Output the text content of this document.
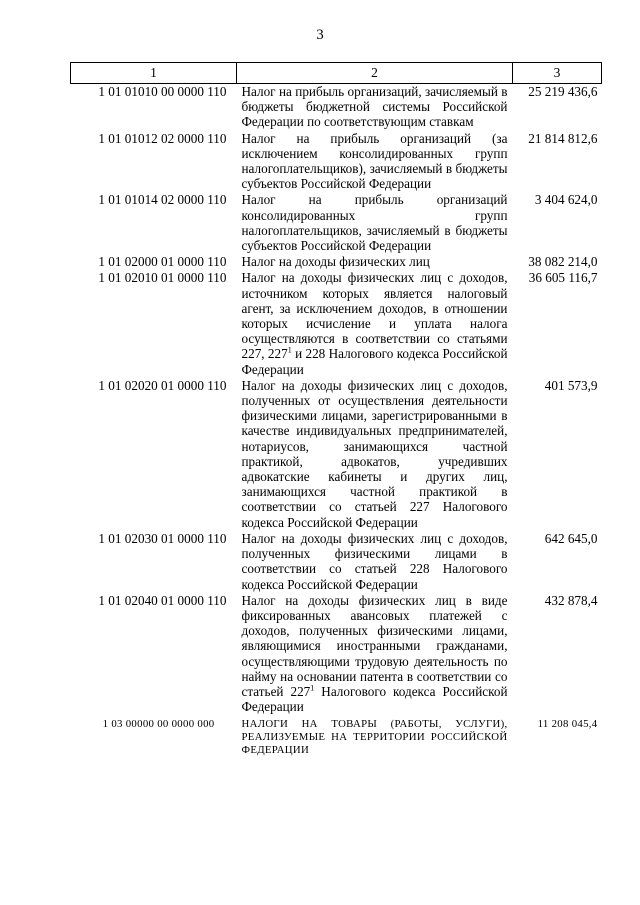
3
1	2	3
1 01 01010 00 0000 110	Налог на прибыль организаций, зачисляемый в бюджеты бюджетной системы Российской Федерации по соответствующим ставкам	25 219 436,6
1 01 01012 02 0000 110	Налог на прибыль организаций (за исключением консолидированных групп налогоплательщиков), зачисляемый в бюджеты субъектов Российской Федерации	21 814 812,6
1 01 01014 02 0000 110	Налог на прибыль организаций консолидированных групп налогоплательщиков, зачисляемый в бюджеты субъектов Российской Федерации	3 404 624,0
1 01 02000 01 0000 110	Налог на доходы физических лиц	38 082 214,0
1 01 02010 01 0000 110	Налог на доходы физических лиц с доходов, источником которых является налоговый агент, за исключением доходов, в отношении которых исчисление и уплата налога осуществляются в соответствии со статьями 227, $227^1$ и 228 Налогового кодекса Российской Федерации	36 605 116,7
1 01 02020 01 0000 110	Налог на доходы физических лиц с доходов, полученных от осуществления деятельности физическими лицами, зарегистрированными в качестве индивидуальных предпринимателей, нотариусов, занимающихся частной практикой, адвокатов, учредивших адвокатские кабинеты и других лиц, занимающихся частной практикой в соответствии со статьей 227 Налогового кодекса Российской Федерации	401 573,9
1 01 02030 01 0000 110	Налог на доходы физических лиц с доходов, полученных физическими лицами в соответствии со статьей 228 Налогового кодекса Российской Федерации	642 645,0
1 01 02040 01 0000 110	Налог на доходы физических лиц в виде фиксированных авансовых платежей с доходов, полученных физическими лицами, являющимися иностранными гражданами, осуществляющими трудовую деятельность по найму на основании патента в соответствии со статьей $227^1$ Налогового кодекса Российской Федерации	432 878,4
1 03 00000 00 0000 000	НАЛОГИ НА ТОВАРЫ (РАБОТЫ, УСЛУГИ), РЕАЛИЗУЕМЫЕ НА ТЕРРИТОРИИ РОССИЙСКОЙ ФЕДЕРАЦИИ	11 208 045,4
